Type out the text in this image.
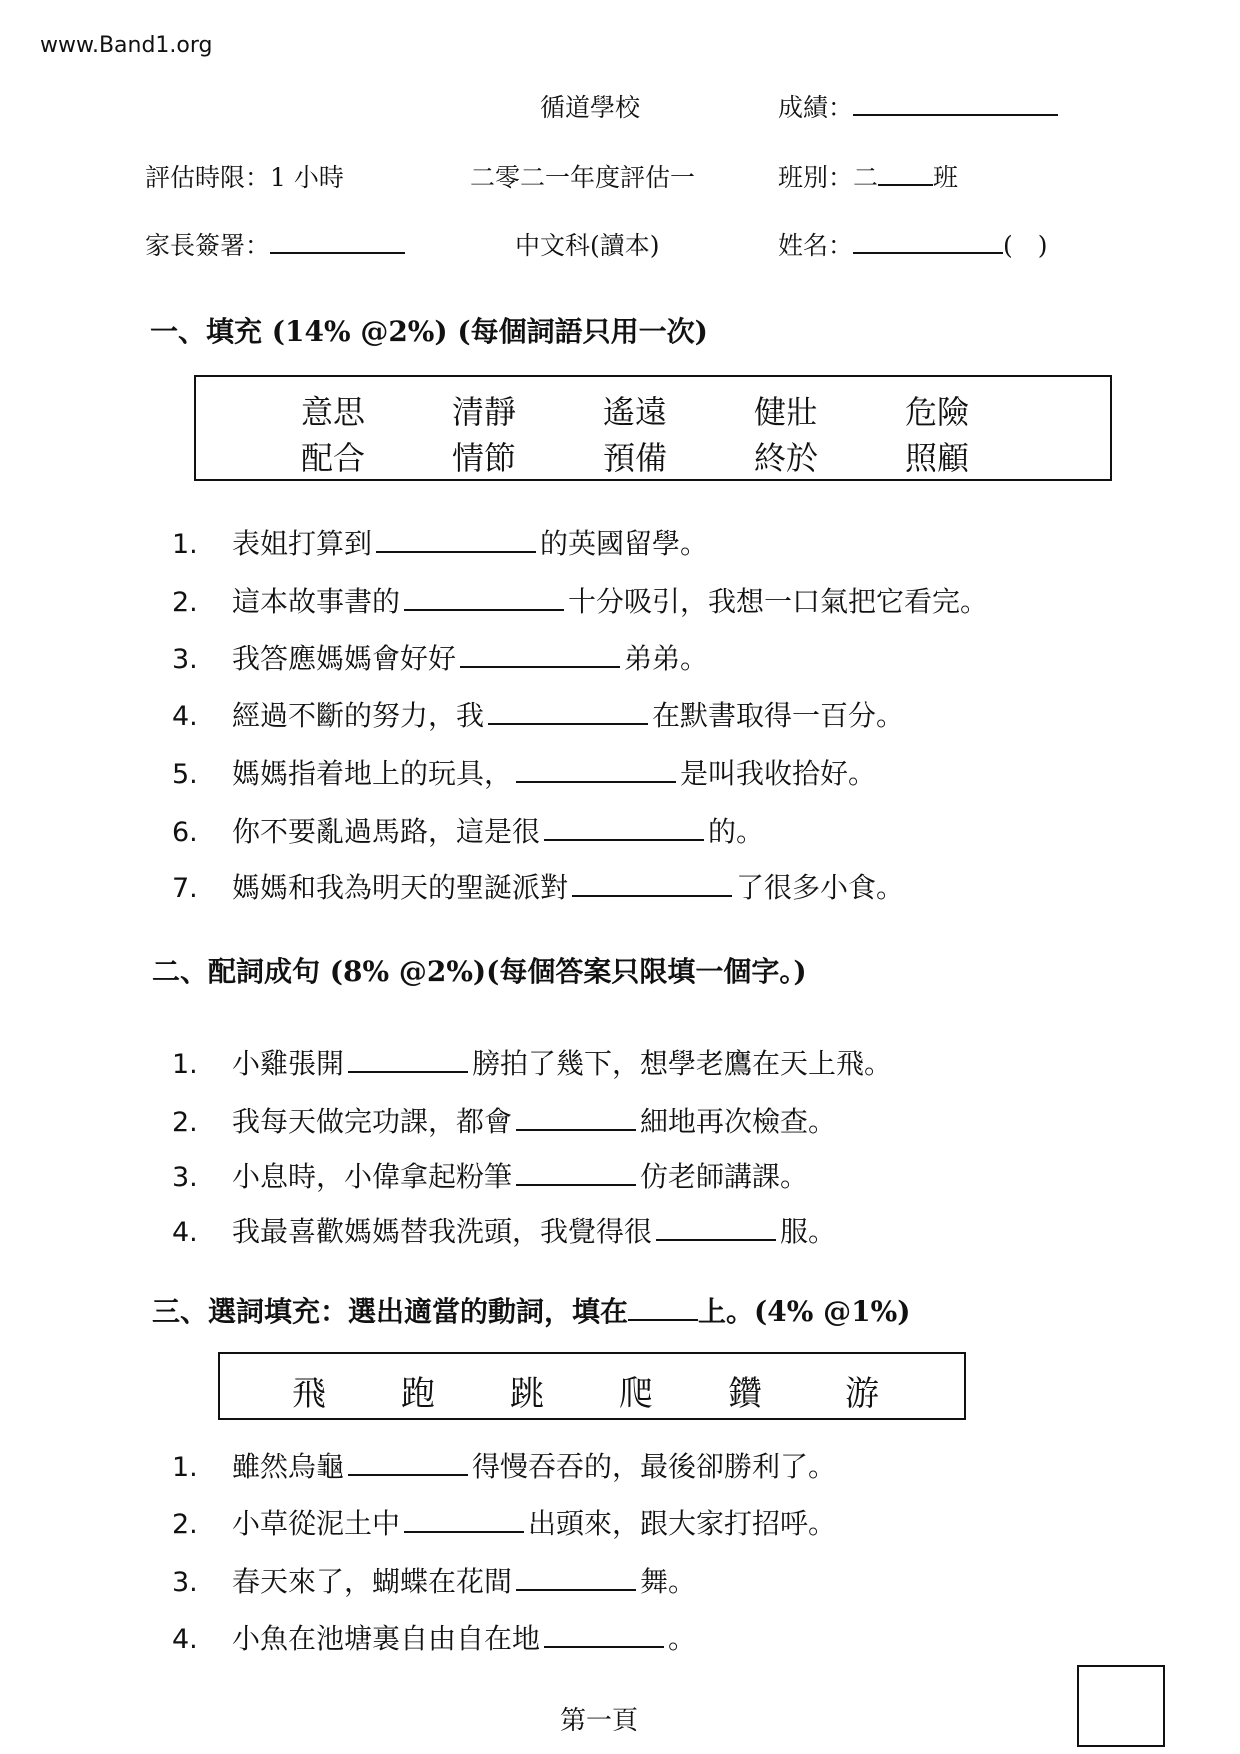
www.Band1.org
循道學校	成績：
評估時限：1 小時	二零二一年度評估一	班別：二 班
家長簽署：	中文科(讀本)	姓名：	(　)
一、填充 (14% @2%) (每個詞語只用一次)
意思	清靜	遙遠	健壯	危險
配合	情節	預備	終於	照顧
1. 表姐打算到	的英國留學。
2. 這本故事書的	十分吸引，我想一口氣把它看完。
3. 我答應媽媽會好好	弟弟。
4. 經過不斷的努力，我	在默書取得一百分。
5. 媽媽指着地上的玩具，	是叫我收拾好。
6. 你不要亂過馬路，這是很	的。
7. 媽媽和我為明天的聖誕派對	了很多小食。
二、配詞成句 (8% @2%)(每個答案只限填一個字。)
1. 小雞張開	膀拍了幾下，想學老鷹在天上飛。
2. 我每天做完功課，都會	細地再次檢查。
3. 小息時，小偉拿起粉筆	仿老師講課。
4. 我最喜歡媽媽替我洗頭，我覺得很	服。
三、選詞填充：選出適當的動詞，填在	上。(4% @1%)
飛 跑 跳 爬 鑽 游
1. 雖然烏龜	得慢吞吞的，最後卻勝利了。
2. 小草從泥土中	出頭來，跟大家打招呼。
3. 春天來了，蝴蝶在花間	舞。
4. 小魚在池塘裏自由自在地	。
第一頁
